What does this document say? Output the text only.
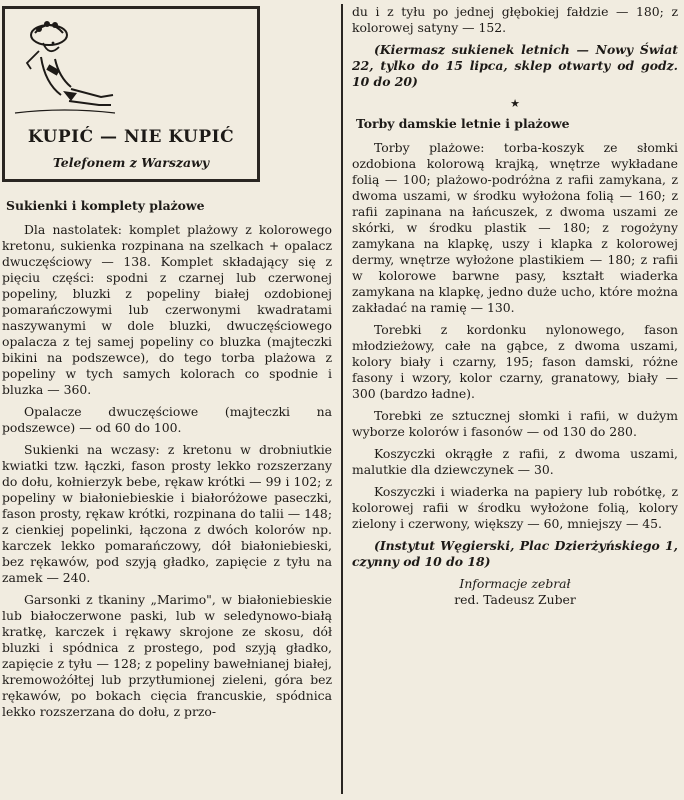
KUPIĆ — NIE KUPIĆ
Telefonem z Warszawy
Sukienki i komplety plażowe

Dla nastolatek: komplet plażowy z kolorowego kretonu, sukienka rozpinana na szelkach + opalacz dwuczęściowy — 138. Komplet składający się z pięciu części: spodni z czarnej lub czerwonej popeliny, bluzki z popeliny białej ozdobionej pomarańczowymi lub czerwonymi kwadratami naszywanymi w dole bluzki, dwuczęściowego opalacza z tej samej popeliny co bluzka (majteczki bikini na podszewce), do tego torba plażowa z popeliny w tych samych kolorach co spodnie i bluzka — 360.

Opalacze dwuczęściowe (majteczki na podszewce) — od 60 do 100.

Sukienki na wczasy: z kretonu w drobniutkie kwiatki tzw. łączki, fason prosty lekko rozszerzany do dołu, kołnierzyk bebe, rękaw krótki — 99 i 102; z popeliny w białoniebieskie i białoróżowe paseczki, fason prosty, rękaw krótki, rozpinana do talii — 148; z cienkiej popelinki, łączona z dwóch kolorów np. karczek lekko pomarańczowy, dół białoniebieski, bez rękawów, pod szyją gładko, zapięcie z tyłu na zamek — 240.

Garsonki z tkaniny „Marimo", w białoniebieskie lub białoczerwone paski, lub w seledynowo-białą kratkę, karczek i rękawy skrojone ze skosu, dół bluzki i spódnica z prostego, pod szyją gładko, zapięcie z tyłu — 128; z popeliny bawełnianej białej, kremowożółtej lub przytłumionej zieleni, góra bez rękawów, po bokach cięcia francuskie, spódnica lekko rozszerzana do dołu, z przo-

du i z tyłu po jednej głębokiej fałdzie — 180; z kolorowej satyny — 152.

(Kiermasz sukienek letnich — Nowy Świat 22, tylko do 15 lipca, sklep otwarty od godz. 10 do 20)

★
Torby damskie letnie i plażowe

Torby plażowe: torba-koszyk ze słomki ozdobiona kolorową krajką, wnętrze wykładane folią — 100; plażowo-podróżna z rafii zamykana, z dwoma uszami, w środku wyłożona folią — 160; z rafii zapinana na łańcuszek, z dwoma uszami ze skórki, w środku plastik — 180; z rogożyny zamykana na klapkę, uszy i klapka z kolorowej dermy, wnętrze wyłożone plastikiem — 180; z rafii w kolorowe barwne pasy, kształt wiaderka zamykana na klapkę, jedno duże ucho, które można zakładać na ramię — 130.

Torebki z kordonku nylonowego, fason młodzieżowy, całe na gąbce, z dwoma uszami, kolory biały i czarny, 195; fason damski, różne fasony i wzory, kolor czarny, granatowy, biały — 300 (bardzo ładne).

Torebki ze sztucznej słomki i rafii, w dużym wyborze kolorów i fasonów — od 130 do 280.

Koszyczki okrągłe z rafii, z dwoma uszami, malutkie dla dziewczynek — 30.

Koszyczki i wiaderka na papiery lub robótkę, z kolorowej rafii w środku wyłożone folią, kolory zielony i czerwony, większy — 60, mniejszy — 45.

(Instytut Węgierski, Plac Dzierżyńskiego 1, czynny od 10 do 18)

Informacje zebrał
red. Tadeusz Zuber
